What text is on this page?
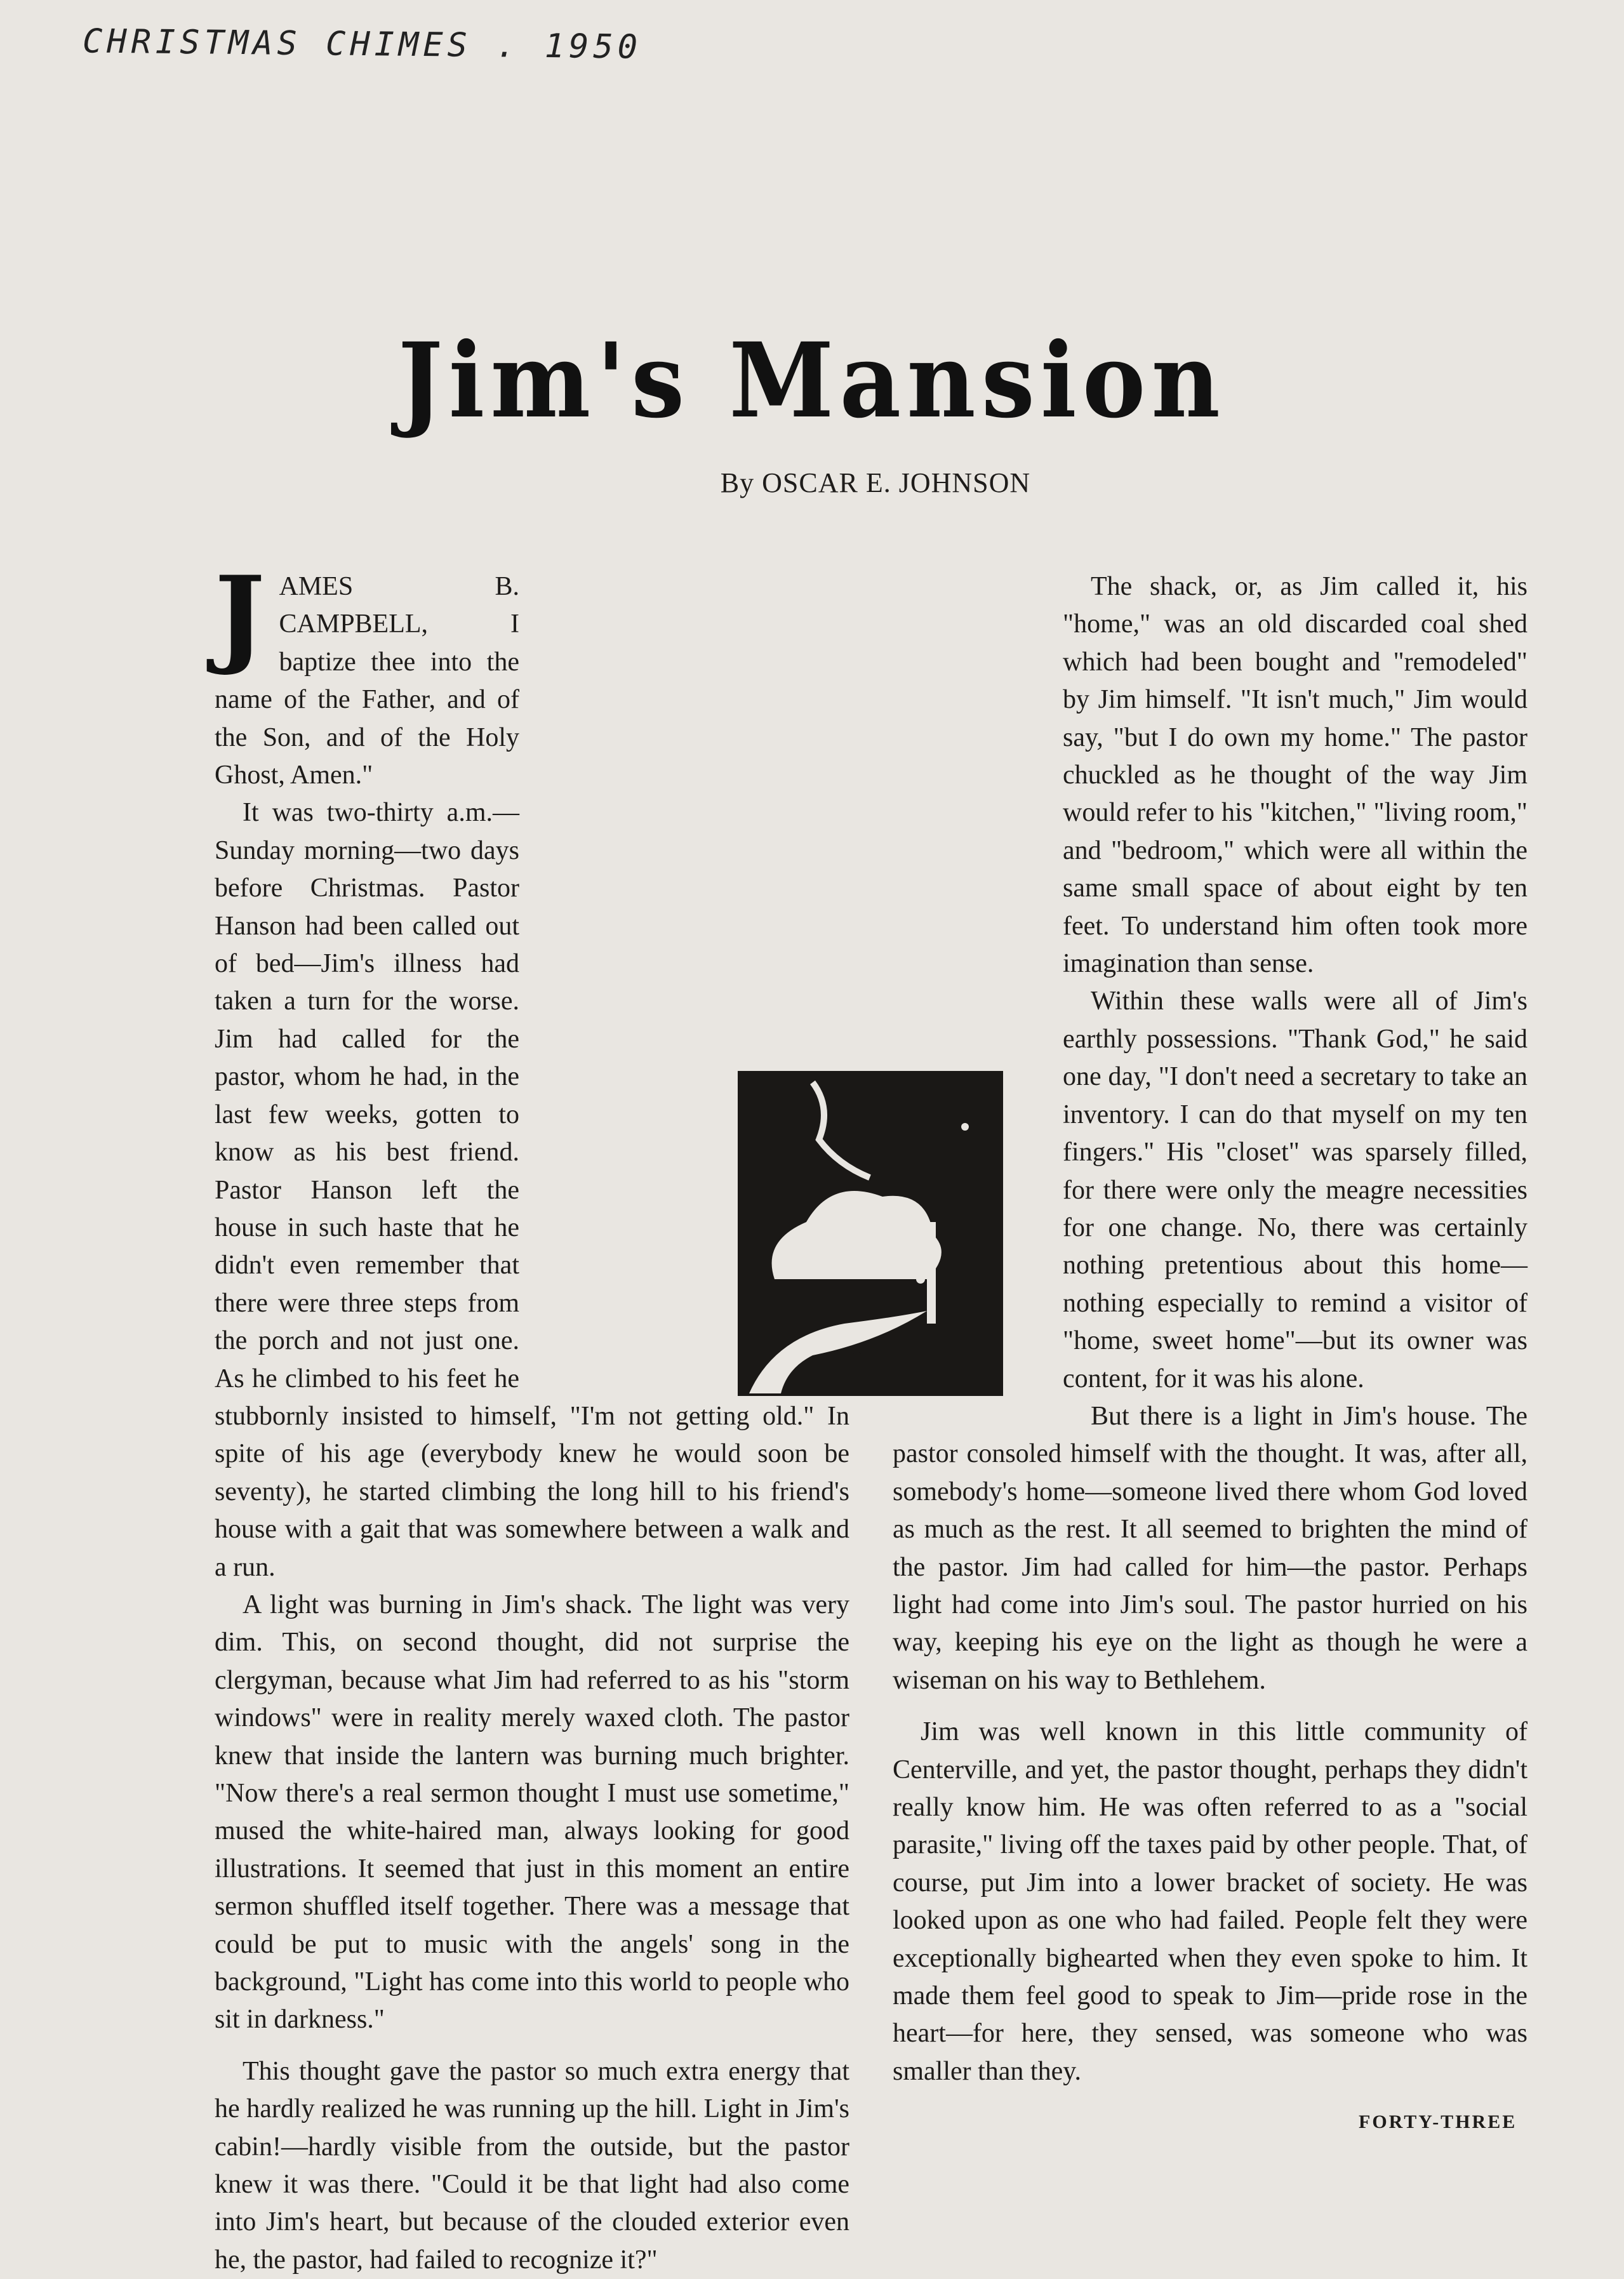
CHRISTMAS CHIMES . 1950
Jim's Mansion
By OSCAR E. JOHNSON

JAMES B. CAMPBELL, I baptize thee into the name of the Father, and of the Son, and of the Holy Ghost, Amen."

It was two-thirty a.m.—Sunday morning—two days before Christmas. Pastor Hanson had been called out of bed—Jim's illness had taken a turn for the worse. Jim had called for the pastor, whom he had, in the last few weeks, gotten to know as his best friend. Pastor Hanson left the house in such haste that he didn't even remember that there were three steps from the porch and not just one. As he climbed to his feet he stubbornly insisted to himself, "I'm not getting old." In spite of his age (everybody knew he would soon be seventy), he started climbing the long hill to his friend's house with a gait that was somewhere between a walk and a run.

A light was burning in Jim's shack. The light was very dim. This, on second thought, did not surprise the clergyman, because what Jim had referred to as his "storm windows" were in reality merely waxed cloth. The pastor knew that inside the lantern was burning much brighter. "Now there's a real sermon thought I must use sometime," mused the white-haired man, always looking for good illustrations. It seemed that just in this moment an entire sermon shuffled itself together. There was a message that could be put to music with the angels' song in the background, "Light has come into this world to people who sit in darkness."

This thought gave the pastor so much extra energy that he hardly realized he was running up the hill. Light in Jim's cabin!—hardly visible from the outside, but the pastor knew it was there. "Could it be that light had also come into Jim's heart, but because of the clouded exterior even he, the pastor, had failed to recognize it?"

The shack, or, as Jim called it, his "home," was an old discarded coal shed which had been bought and "remodeled" by Jim himself. "It isn't much," Jim would say, "but I do own my home." The pastor chuckled as he thought of the way Jim would refer to his "kitchen," "living room," and "bedroom," which were all within the same small space of about eight by ten feet. To understand him often took more imagination than sense.

Within these walls were all of Jim's earthly possessions. "Thank God," he said one day, "I don't need a secretary to take an inventory. I can do that myself on my ten fingers." His "closet" was sparsely filled, for there were only the meagre necessities for one change. No, there was certainly nothing pretentious about this home—nothing especially to remind a visitor of "home, sweet home"—but its owner was content, for it was his alone.

But there is a light in Jim's house. The pastor consoled himself with the thought. It was, after all, somebody's home—someone lived there whom God loved as much as the rest. It all seemed to brighten the mind of the pastor. Jim had called for him—the pastor. Perhaps light had come into Jim's soul. The pastor hurried on his way, keeping his eye on the light as though he were a wiseman on his way to Bethlehem.

Jim was well known in this little community of Centerville, and yet, the pastor thought, perhaps they didn't really know him. He was often referred to as a "social parasite," living off the taxes paid by other people. That, of course, put Jim into a lower bracket of society. He was looked upon as one who had failed. People felt they were exceptionally bighearted when they even spoke to him. It made them feel good to speak to Jim—pride rose in the heart—for here, they sensed, was someone who was smaller than they.

FORTY-THREE
